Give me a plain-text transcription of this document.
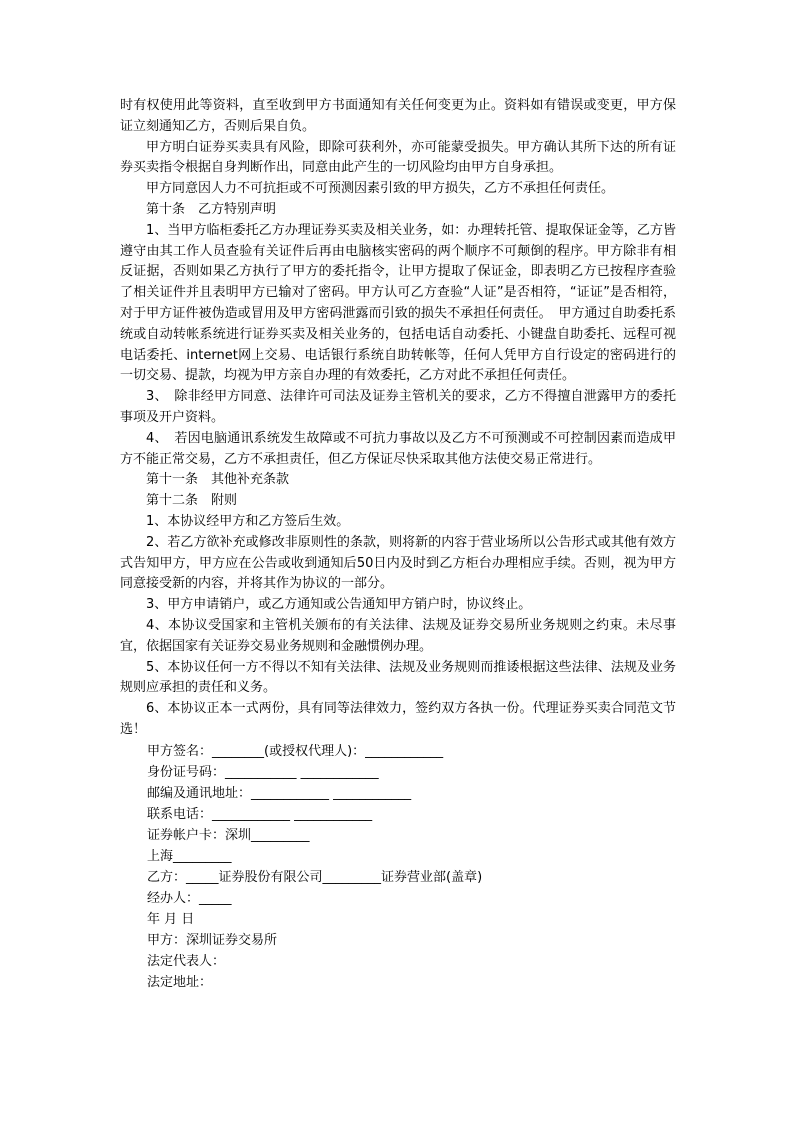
时有权使用此等资料，直至收到甲方书面通知有关任何变更为止。资料如有错误或变更，甲方保证立刻通知乙方，否则后果自负。

甲方明白证券买卖具有风险，即除可获利外，亦可能蒙受损失。甲方确认其所下达的所有证券买卖指令根据自身判断作出，同意由此产生的一切风险均由甲方自身承担。

甲方同意因人力不可抗拒或不可预测因素引致的甲方损失，乙方不承担任何责任。

第十条　乙方特别声明

1、当甲方临柜委托乙方办理证券买卖及相关业务，如：办理转托管、提取保证金等，乙方皆遵守由其工作人员查验有关证件后再由电脑核实密码的两个顺序不可颠倒的程序。甲方除非有相反证据，否则如果乙方执行了甲方的委托指令，让甲方提取了保证金，即表明乙方已按程序查验了相关证件并且表明甲方已输对了密码。甲方认可乙方查验“人证”是否相符，“证证”是否相符，对于甲方证件被伪造或冒用及甲方密码泄露而引致的损失不承担任何责任。　甲方通过自助委托系统或自动转帐系统进行证券买卖及相关业务的，包括电话自动委托、小键盘自助委托、远程可视电话委托、internet网上交易、电话银行系统自助转帐等，任何人凭甲方自行设定的密码进行的一切交易、提款，均视为甲方亲自办理的有效委托，乙方对此不承担任何责任。

3、　除非经甲方同意、法律许可司法及证券主管机关的要求，乙方不得擅自泄露甲方的委托事项及开户资料。

4、　若因电脑通讯系统发生故障或不可抗力事故以及乙方不可预测或不可控制因素而造成甲方不能正常交易，乙方不承担责任，但乙方保证尽快采取其他方法使交易正常进行。

第十一条　其他补充条款

第十二条　附则

1、本协议经甲方和乙方签后生效。

2、若乙方欲补充或修改非原则性的条款，则将新的内容于营业场所以公告形式或其他有效方式告知甲方，甲方应在公告或收到通知后50日内及时到乙方柜台办理相应手续。否则，视为甲方同意接受新的内容，并将其作为协议的一部分。

3、甲方申请销户，或乙方通知或公告通知甲方销户时，协议终止。

4、本协议受国家和主管机关颁布的有关法律、法规及证券交易所业务规则之约束。未尽事宜，依据国家有关证券交易业务规则和金融惯例办理。

5、本协议任何一方不得以不知有关法律、法规及业务规则而推诿根据这些法律、法规及业务规则应承担的责任和义务。

6、本协议正本一式两份，具有同等法律效力，签约双方各执一份。代理证券买卖合同范文节选！

甲方签名：________(或授权代理人)：____________

身份证号码：___________ ____________

邮编及通讯地址：____________ ____________

联系电话：____________ ____________

证券帐户卡：深圳_________

上海_________

乙方：_____证券股份有限公司_________证券营业部(盖章)

经办人：_____

年 月 日

甲方：深圳证券交易所

法定代表人：

法定地址：
